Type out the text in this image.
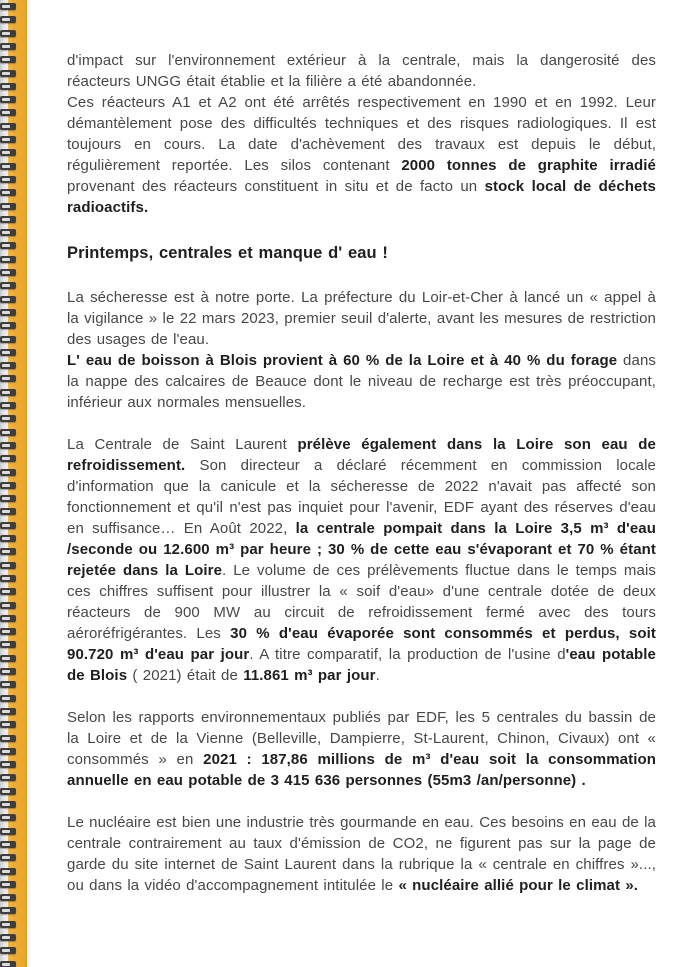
d'impact sur l'environnement extérieur à la centrale, mais la dangerosité des réacteurs UNGG était établie et la filière a été abandonnée.

Ces réacteurs A1 et A2 ont été arrêtés respectivement en 1990 et en 1992. Leur démantèlement pose des difficultés techniques et des risques radiologiques. Il est toujours en cours. La date d'achèvement des travaux est depuis le début, régulièrement reportée. Les silos contenant 2000 tonnes de graphite irradié provenant des réacteurs constituent in situ et de facto un stock local de déchets radioactifs.

Printemps, centrales et manque d' eau !

La sécheresse est à notre porte. La préfecture du Loir-et-Cher à lancé un « appel à la vigilance » le 22 mars 2023, premier seuil d'alerte, avant les mesures de restriction des usages de l'eau.

L' eau de boisson à Blois provient à 60 % de la Loire et à 40 % du forage dans la nappe des calcaires de Beauce dont le niveau de recharge est très préoccupant, inférieur aux normales mensuelles.

La Centrale de Saint Laurent prélève également dans la Loire son eau de refroidissement. Son directeur a déclaré récemment en commission locale d'information que la canicule et la sécheresse de 2022 n'avait pas affecté son fonctionnement et qu'il n'est pas inquiet pour l'avenir, EDF ayant des réserves d'eau en suffisance… En Août 2022, la centrale pompait dans la Loire 3,5 m³ d'eau /seconde ou 12.600 m³ par heure ; 30 % de cette eau s'évaporant et 70 % étant rejetée dans la Loire. Le volume de ces prélèvements fluctue dans le temps mais ces chiffres suffisent pour illustrer la « soif d'eau» d'une centrale dotée de deux réacteurs de 900 MW au circuit de refroidissement fermé avec des tours aéroréfrigérantes. Les 30 % d'eau évaporée sont consommés et perdus, soit 90.720 m³ d'eau par jour. A titre comparatif, la production de l'usine d'eau potable de Blois ( 2021) était de 11.861 m³ par jour.

Selon les rapports environnementaux publiés par EDF, les 5 centrales du bassin de la Loire et de la Vienne (Belleville, Dampierre, St-Laurent, Chinon, Civaux) ont « consommés » en 2021 : 187,86 millions de m³ d'eau soit la consommation annuelle en eau potable de 3 415 636 personnes (55m3 /an/personne) .

Le nucléaire est bien une industrie très gourmande en eau. Ces besoins en eau de la centrale contrairement au taux d'émission de CO2, ne figurent pas sur la page de garde du site internet de Saint Laurent dans la rubrique la « centrale en chiffres »..., ou dans la vidéo d'accompagnement intitulée le « nucléaire allié pour le climat ».
